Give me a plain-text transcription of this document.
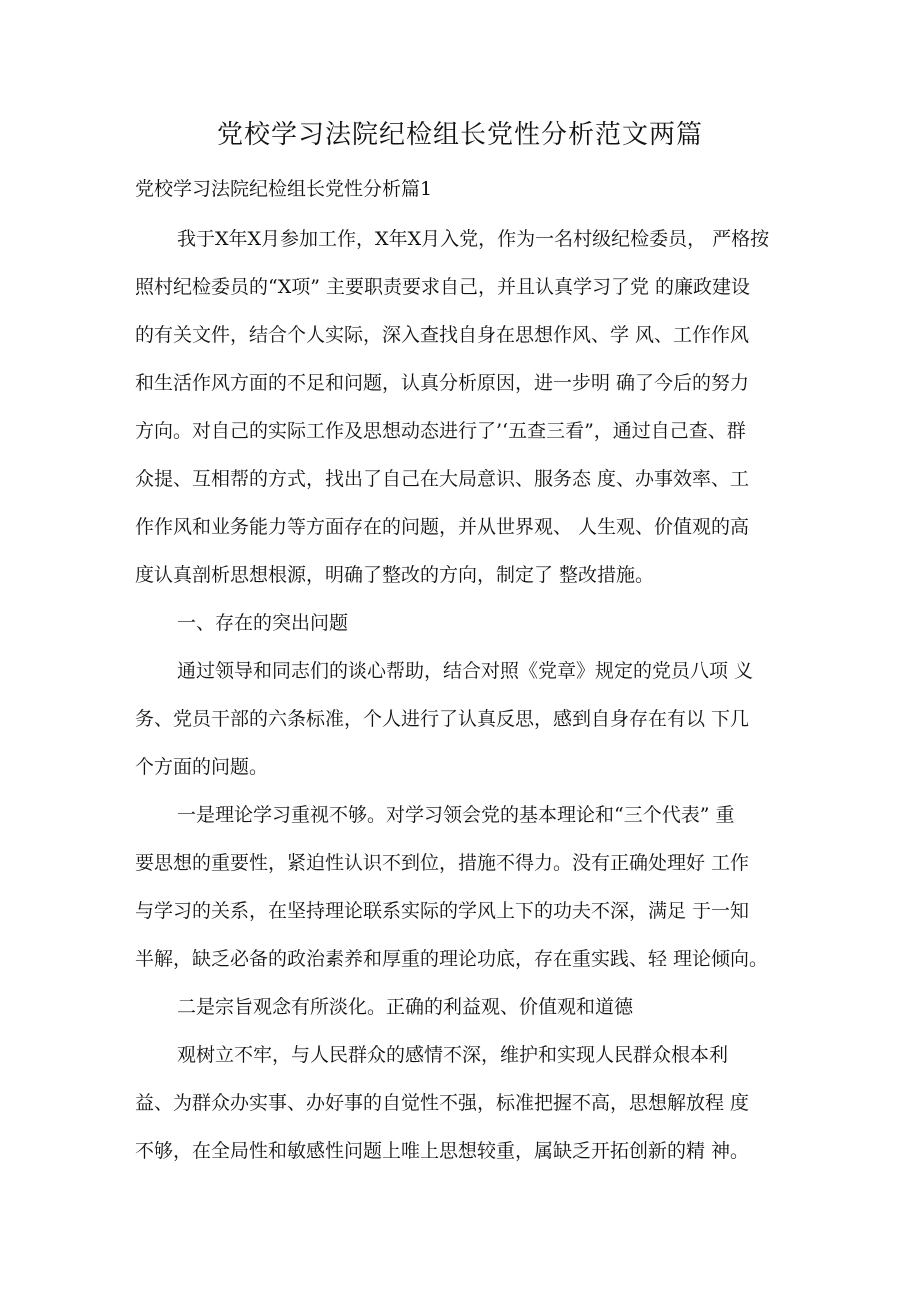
党校学习法院纪检组长党性分析范文两篇
党校学习法院纪检组长党性分析篇1
我于X年X月参加工作，X年X月入党，作为一名村级纪检委员， 严格按
照村纪检委员的“X项” 主要职责要求自己，并且认真学习了党 的廉政建设
的有关文件，结合个人实际，深入查找自身在思想作风、学 风、工作作风
和生活作风方面的不足和问题，认真分析原因，进一步明 确了今后的努力
方向。对自己的实际工作及思想动态进行了’‘五查三看”，通过自己查、群
众提、互相帮的方式，找出了自己在大局意识、服务态 度、办事效率、工
作作风和业务能力等方面存在的问题，并从世界观、 人生观、价值观的高
度认真剖析思想根源，明确了整改的方向，制定了 整改措施。
一、存在的突出问题
通过领导和同志们的谈心帮助，结合对照《党章》规定的党员八项 义
务、党员干部的六条标准，个人进行了认真反思，感到自身存在有以 下几
个方面的问题。
一是理论学习重视不够。对学习领会党的基本理论和“三个代表” 重
要思想的重要性，紧迫性认识不到位，措施不得力。没有正确处理好 工作
与学习的关系，在坚持理论联系实际的学风上下的功夫不深，满足 于一知
半解，缺乏必备的政治素养和厚重的理论功底，存在重实践、轻 理论倾向。
二是宗旨观念有所淡化。正确的利益观、价值观和道德
观树立不牢，与人民群众的感情不深，维护和实现人民群众根本利
益、为群众办实事、办好事的自觉性不强，标准把握不高，思想解放程 度
不够，在全局性和敏感性问题上唯上思想较重，属缺乏开拓创新的精 神。
